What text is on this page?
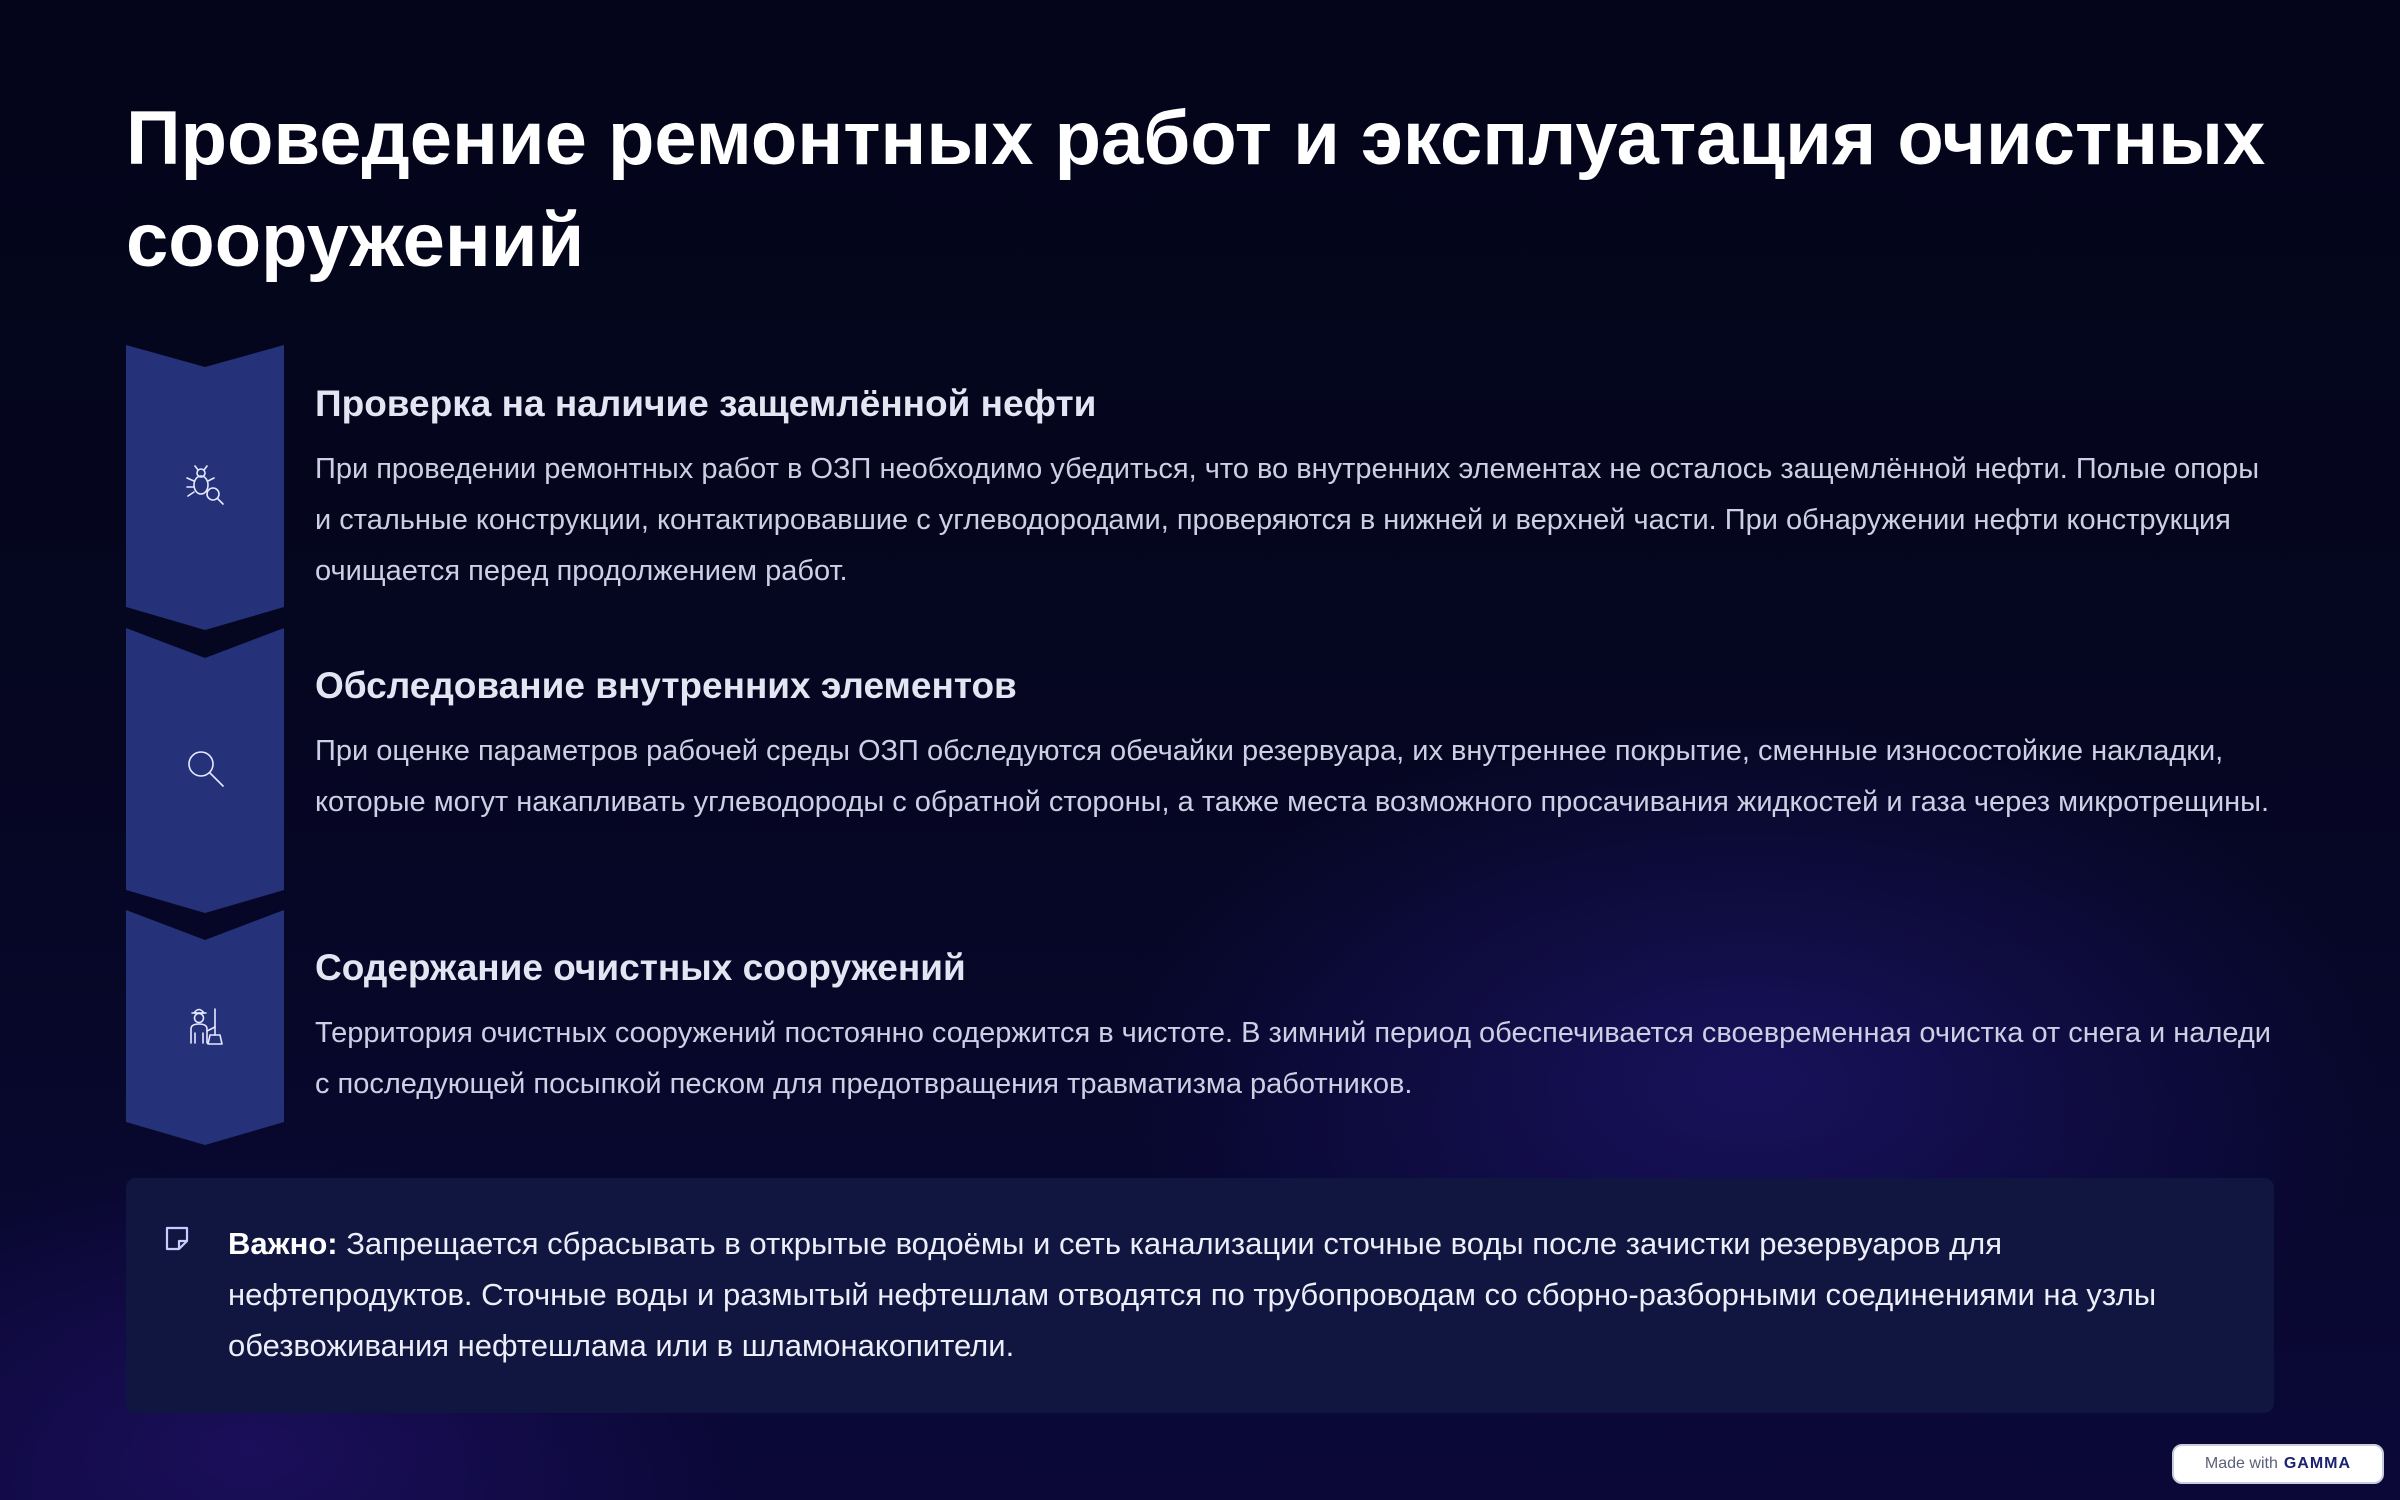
Проведение ремонтных работ и эксплуатация очистных сооружений
Проверка на наличие защемлённой нефти

При проведении ремонтных работ в ОЗП необходимо убедиться, что во внутренних элементах не осталось защемлённой нефти. Полые опоры и стальные конструкции, контактировавшие с углеводородами, проверяются в нижней и верхней части. При обнаружении нефти конструкция очищается перед продолжением работ.

Обследование внутренних элементов

При оценке параметров рабочей среды ОЗП обследуются обечайки резервуара, их внутреннее покрытие, сменные износостойкие накладки, которые могут накапливать углеводороды с обратной стороны, а также места возможного просачивания жидкостей и газа через микротрещины.

Содержание очистных сооружений

Территория очистных сооружений постоянно содержится в чистоте. В зимний период обеспечивается своевременная очистка от снега и наледи с последующей посыпкой песком для предотвращения травматизма работников.

Важно: Запрещается сбрасывать в открытые водоёмы и сеть канализации сточные воды после зачистки резервуаров для нефтепродуктов. Сточные воды и размытый нефтешлам отводятся по трубопроводам со сборно-разборными соединениями на узлы обезвоживания нефтешлама или в шламонакопители.

Made with GAMMA
